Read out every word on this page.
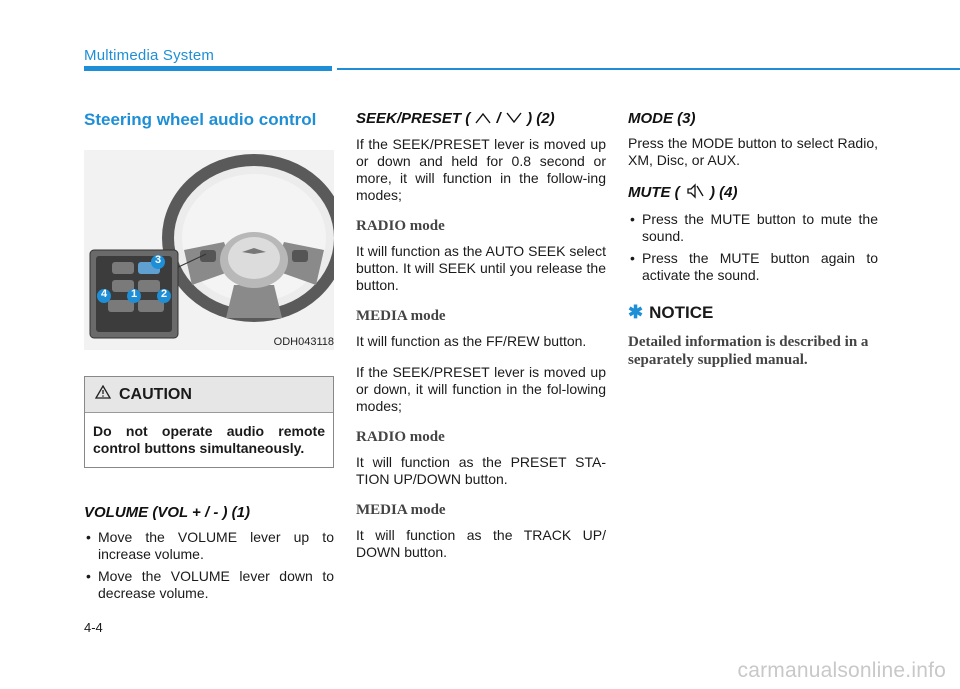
Multimedia System
Steering wheel audio control
3
1 2
4
ODH043118
CAUTION
Do not operate audio remote control buttons simultaneously.
VOLUME (VOL + / - ) (1)
• Move the VOLUME lever up to increase volume.
• Move the VOLUME lever down to decrease volume.
SEEK/PRESET ( / ) (2)
If the SEEK/PRESET lever is moved up or down and held for 0.8 second or more, it will function in the follow-ing modes;
RADIO mode
It will function as the AUTO SEEK select button. It will SEEK until you release the button.
MEDIA mode
It will function as the FF/REW button.
If the SEEK/PRESET lever is moved up or down, it will function in the fol-lowing modes;
RADIO mode
It will function as the PRESET STA-TION UP/DOWN button.
MEDIA mode
It will function as the TRACK UP/ DOWN button.
MODE (3)
Press the MODE button to select Radio, XM, Disc, or AUX.
MUTE ( ) (4)
• Press the MUTE button to mute the sound.
• Press the MUTE button again to activate the sound.
✱ NOTICE
Detailed information is described in a separately supplied manual.
4-4
carmanualsonline.info
